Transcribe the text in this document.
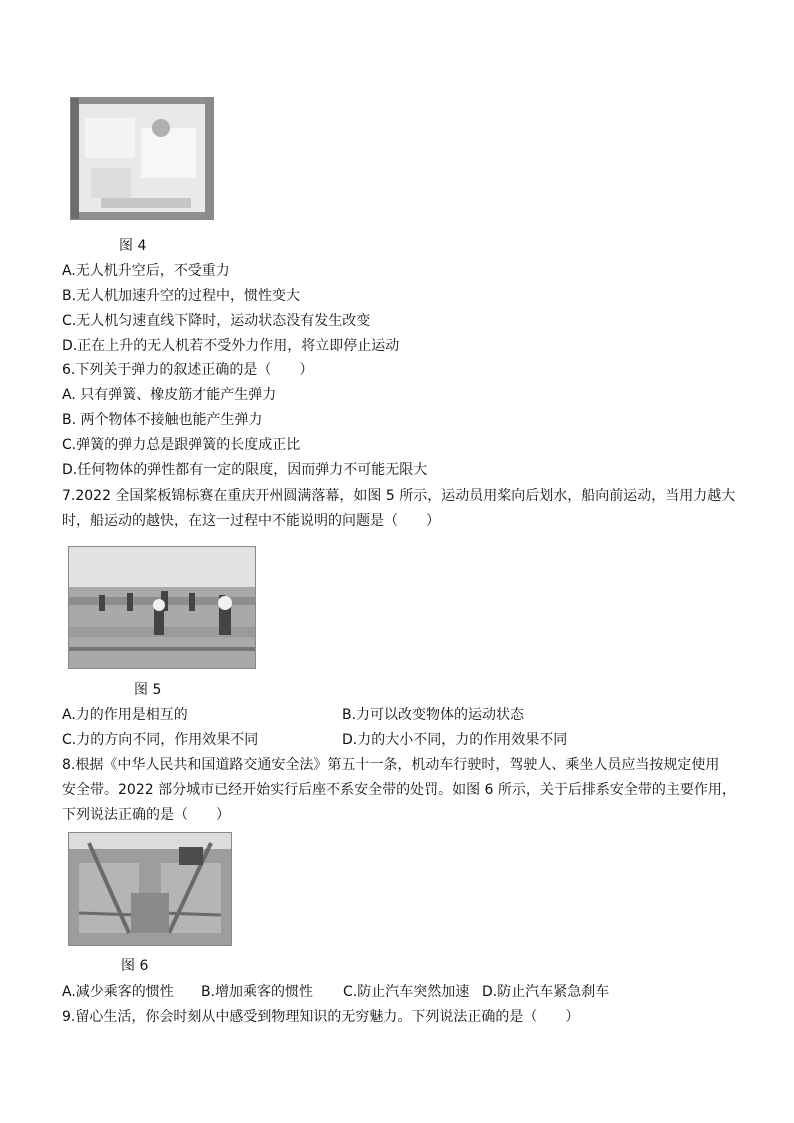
图 4
A.无人机升空后，不受重力
B.无人机加速升空的过程中，惯性变大
C.无人机匀速直线下降时，运动状态没有发生改变
D.正在上升的无人机若不受外力作用，将立即停止运动
6.下列关于弹力的叙述正确的是（　　）
A. 只有弹簧、橡皮筋才能产生弹力
B. 两个物体不接触也能产生弹力
C.弹簧的弹力总是跟弹簧的长度成正比
D.任何物体的弹性都有一定的限度，因而弹力不可能无限大
7.2022 全国桨板锦标赛在重庆开州圆满落幕，如图 5 所示，运动员用桨向后划水，船向前运动，当用力越大
时，船运动的越快，在这一过程中不能说明的问题是（　　）
图 5
A.力的作用是相互的	B.力可以改变物体的运动状态
C.力的方向不同，作用效果不同	D.力的大小不同，力的作用效果不同
8.根据《中华人民共和国道路交通安全法》第五十一条，机动车行驶时，驾驶人、乘坐人员应当按规定使用
安全带。2022 部分城市已经开始实行后座不系安全带的处罚。如图 6 所示，关于后排系安全带的主要作用，
下列说法正确的是（　　）
图 6
A.减少乘客的惯性 B.增加乘客的惯性 C.防止汽车突然加速 D.防止汽车紧急刹车
9.留心生活，你会时刻从中感受到物理知识的无穷魅力。下列说法正确的是（　　）
